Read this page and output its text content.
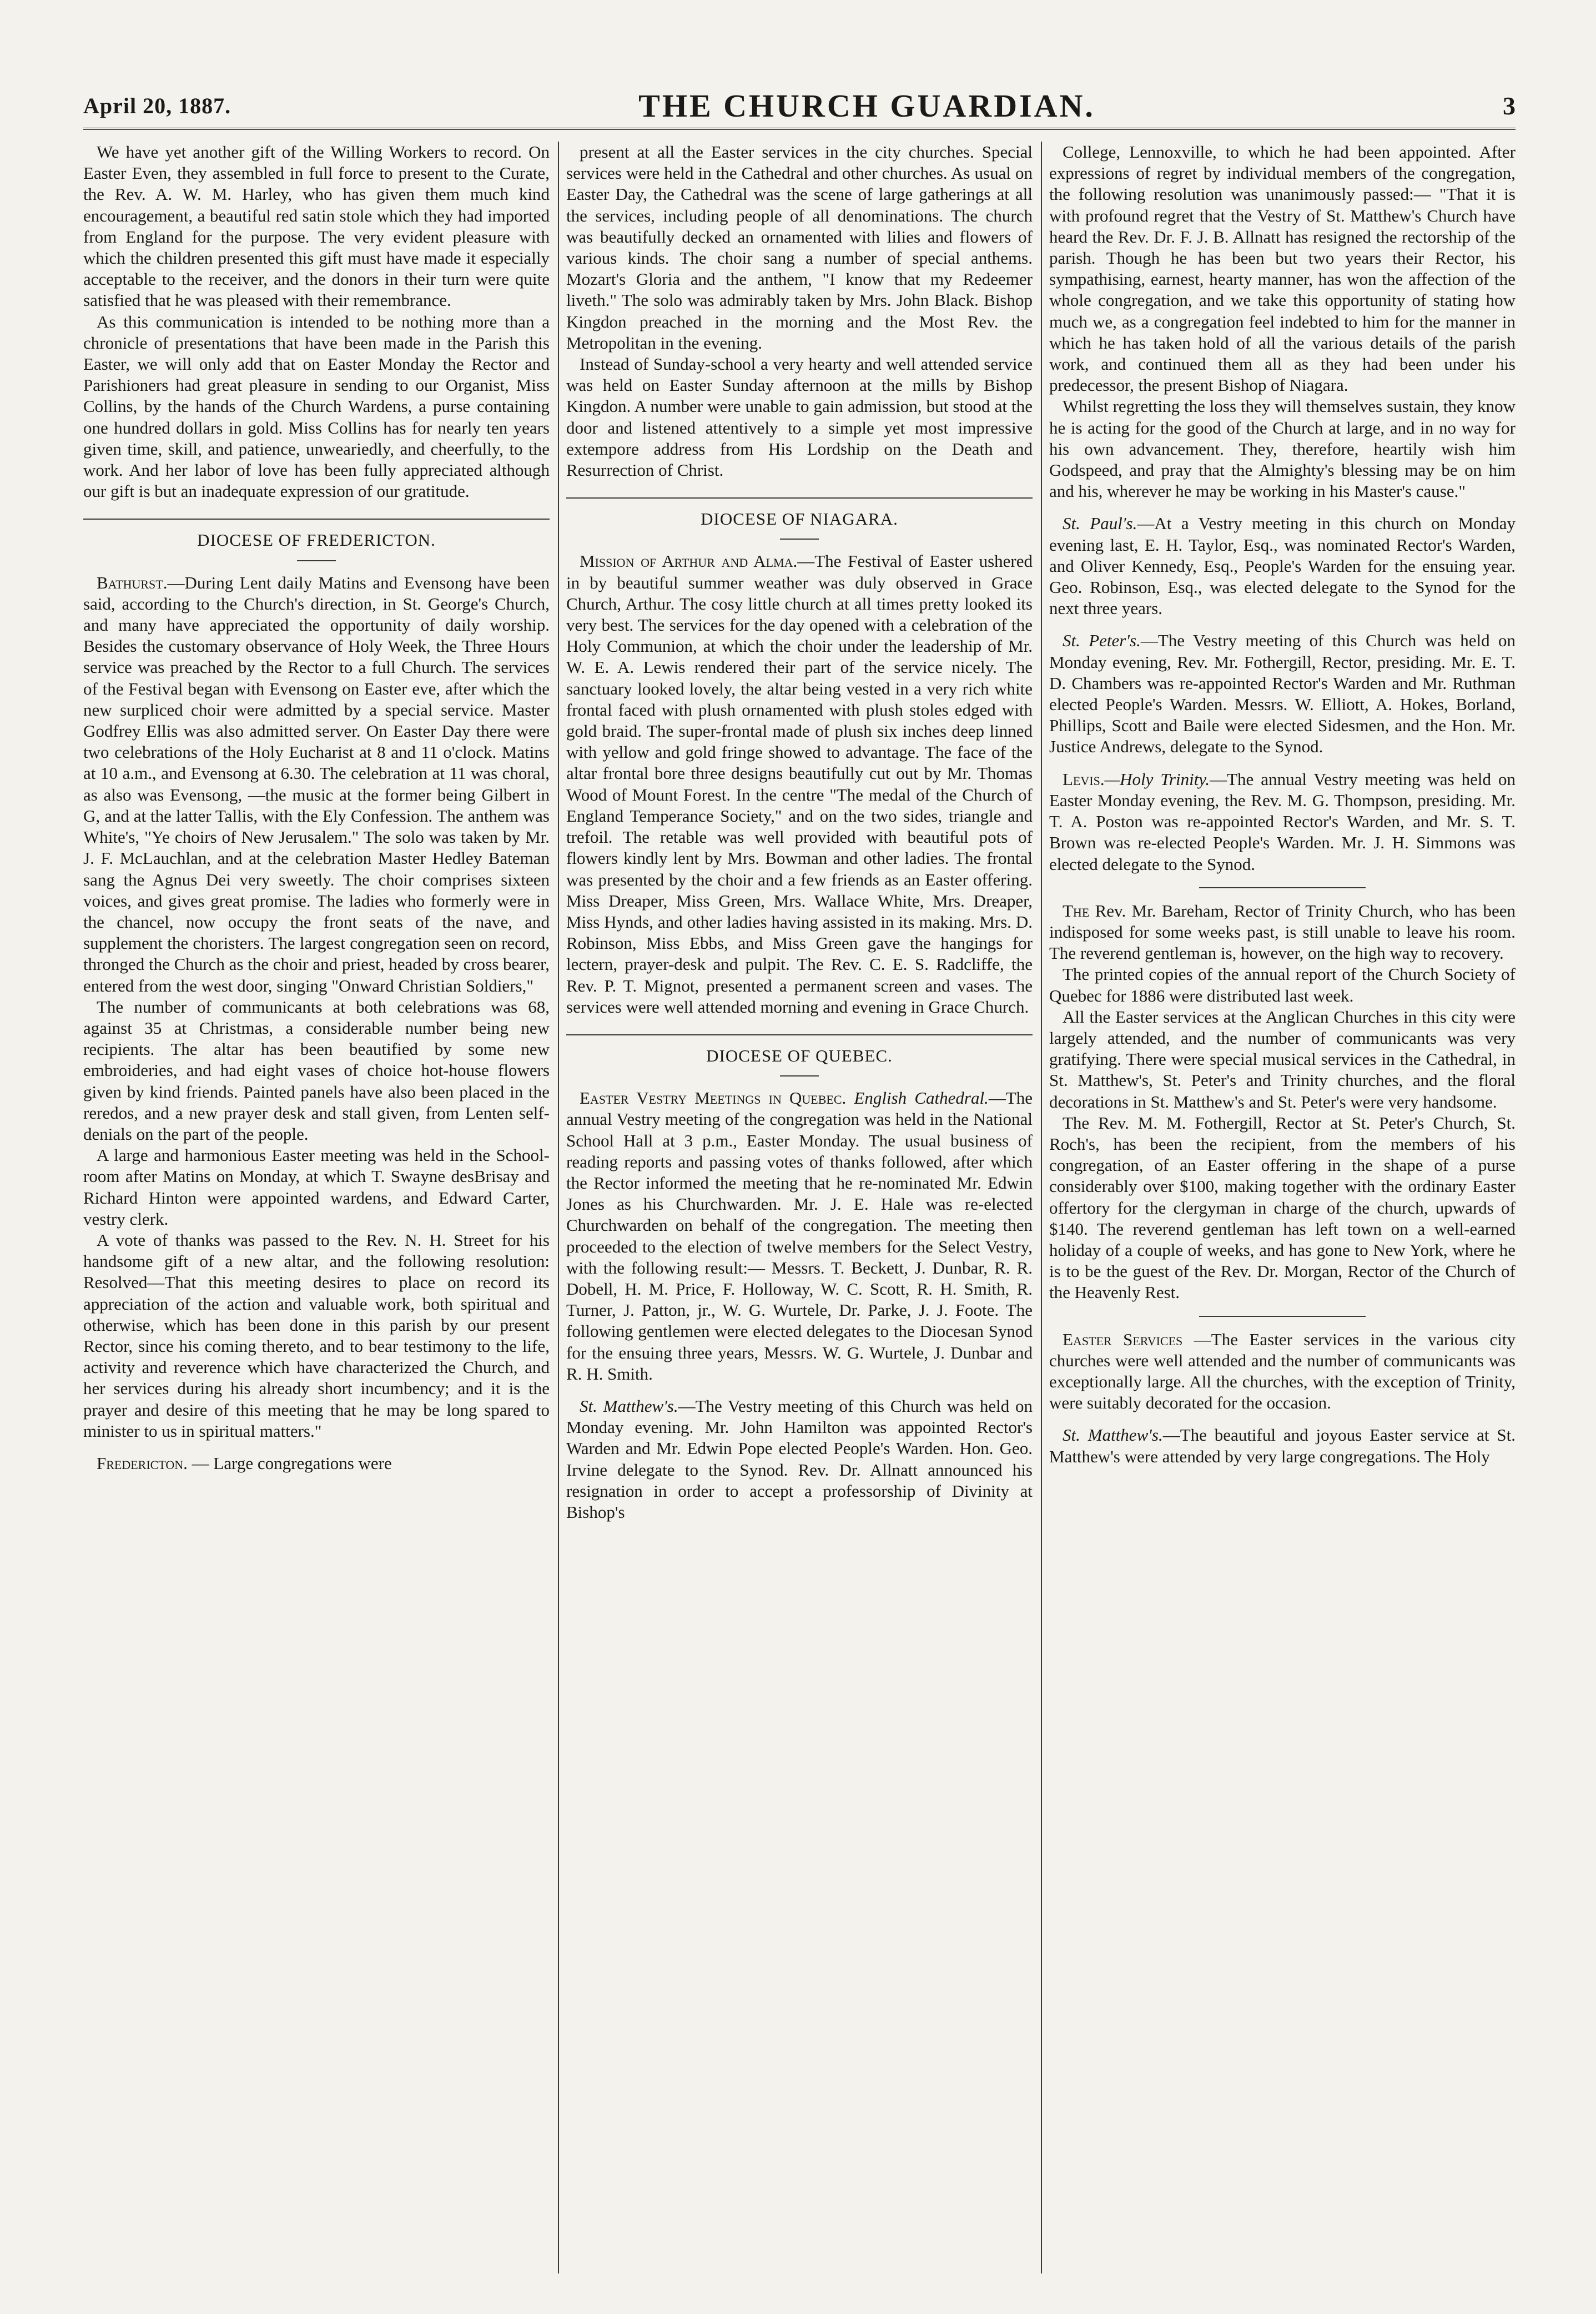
April 20, 1887.	THE CHURCH GUARDIAN.	3

We have yet another gift of the Willing Workers to record. On Easter Even, they assembled in full force to present to the Curate, the Rev. A. W. M. Harley, who has given them much kind encouragement, a beautiful red satin stole which they had imported from England for the purpose. The very evident pleasure with which the children presented this gift must have made it especially acceptable to the receiver, and the donors in their turn were quite satisfied that he was pleased with their remembrance.

As this communication is intended to be nothing more than a chronicle of presentations that have been made in the Parish this Easter, we will only add that on Easter Monday the Rector and Parishioners had great pleasure in sending to our Organist, Miss Collins, by the hands of the Church Wardens, a purse containing one hundred dollars in gold. Miss Collins has for nearly ten years given time, skill, and patience, unweariedly, and cheerfully, to the work. And her labor of love has been fully appreciated although our gift is but an inadequate expression of our gratitude.

DIOCESE OF FREDERICTON.

Bathurst.—During Lent daily Matins and Evensong have been said, according to the Church's direction, in St. George's Church, and many have appreciated the opportunity of daily worship. Besides the customary observance of Holy Week, the Three Hours service was preached by the Rector to a full Church. The services of the Festival began with Evensong on Easter eve, after which the new surpliced choir were admitted by a special service. Master Godfrey Ellis was also admitted server. On Easter Day there were two celebrations of the Holy Eucharist at 8 and 11 o'clock. Matins at 10 a.m., and Evensong at 6.30. The celebration at 11 was choral, as also was Evensong, —the music at the former being Gilbert in G, and at the latter Tallis, with the Ely Confession. The anthem was White's, "Ye choirs of New Jerusalem." The solo was taken by Mr. J. F. McLauchlan, and at the celebration Master Hedley Bateman sang the Agnus Dei very sweetly. The choir comprises sixteen voices, and gives great promise. The ladies who formerly were in the chancel, now occupy the front seats of the nave, and supplement the choristers. The largest congregation seen on record, thronged the Church as the choir and priest, headed by cross bearer, entered from the west door, singing "Onward Christian Soldiers,"

The number of communicants at both celebrations was 68, against 35 at Christmas, a considerable number being new recipients. The altar has been beautified by some new embroideries, and had eight vases of choice hot-house flowers given by kind friends. Painted panels have also been placed in the reredos, and a new prayer desk and stall given, from Lenten self-denials on the part of the people.

A large and harmonious Easter meeting was held in the School-room after Matins on Monday, at which T. Swayne desBrisay and Richard Hinton were appointed wardens, and Edward Carter, vestry clerk.

A vote of thanks was passed to the Rev. N. H. Street for his handsome gift of a new altar, and the following resolution: Resolved—That this meeting desires to place on record its appreciation of the action and valuable work, both spiritual and otherwise, which has been done in this parish by our present Rector, since his coming thereto, and to bear testimony to the life, activity and reverence which have characterized the Church, and her services during his already short incumbency; and it is the prayer and desire of this meeting that he may be long spared to minister to us in spiritual matters."

Fredericton. — Large congregations were

present at all the Easter services in the city churches. Special services were held in the Cathedral and other churches. As usual on Easter Day, the Cathedral was the scene of large gatherings at all the services, including people of all denominations. The church was beautifully decked an ornamented with lilies and flowers of various kinds. The choir sang a number of special anthems. Mozart's Gloria and the anthem, "I know that my Redeemer liveth." The solo was admirably taken by Mrs. John Black. Bishop Kingdon preached in the morning and the Most Rev. the Metropolitan in the evening.

Instead of Sunday-school a very hearty and well attended service was held on Easter Sunday afternoon at the mills by Bishop Kingdon. A number were unable to gain admission, but stood at the door and listened attentively to a simple yet most impressive extempore address from His Lordship on the Death and Resurrection of Christ.

DIOCESE OF NIAGARA.

Mission of Arthur and Alma.—The Festival of Easter ushered in by beautiful summer weather was duly observed in Grace Church, Arthur. The cosy little church at all times pretty looked its very best. The services for the day opened with a celebration of the Holy Communion, at which the choir under the leadership of Mr. W. E. A. Lewis rendered their part of the service nicely. The sanctuary looked lovely, the altar being vested in a very rich white frontal faced with plush ornamented with plush stoles edged with gold braid. The super-frontal made of plush six inches deep linned with yellow and gold fringe showed to advantage. The face of the altar frontal bore three designs beautifully cut out by Mr. Thomas Wood of Mount Forest. In the centre "The medal of the Church of England Temperance Society," and on the two sides, triangle and trefoil. The retable was well provided with beautiful pots of flowers kindly lent by Mrs. Bowman and other ladies. The frontal was presented by the choir and a few friends as an Easter offering. Miss Dreaper, Miss Green, Mrs. Wallace White, Mrs. Dreaper, Miss Hynds, and other ladies having assisted in its making. Mrs. D. Robinson, Miss Ebbs, and Miss Green gave the hangings for lectern, prayer-desk and pulpit. The Rev. C. E. S. Radcliffe, the Rev. P. T. Mignot, presented a permanent screen and vases. The services were well attended morning and evening in Grace Church.

DIOCESE OF QUEBEC.

Easter Vestry Meetings in Quebec. English Cathedral.—The annual Vestry meeting of the congregation was held in the National School Hall at 3 p.m., Easter Monday. The usual business of reading reports and passing votes of thanks followed, after which the Rector informed the meeting that he re-nominated Mr. Edwin Jones as his Churchwarden. Mr. J. E. Hale was re-elected Churchwarden on behalf of the congregation. The meeting then proceeded to the election of twelve members for the Select Vestry, with the following result:— Messrs. T. Beckett, J. Dunbar, R. R. Dobell, H. M. Price, F. Holloway, W. C. Scott, R. H. Smith, R. Turner, J. Patton, jr., W. G. Wurtele, Dr. Parke, J. J. Foote. The following gentlemen were elected delegates to the Diocesan Synod for the ensuing three years, Messrs. W. G. Wurtele, J. Dunbar and R. H. Smith.

St. Matthew's.—The Vestry meeting of this Church was held on Monday evening. Mr. John Hamilton was appointed Rector's Warden and Mr. Edwin Pope elected People's Warden. Hon. Geo. Irvine delegate to the Synod. Rev. Dr. Allnatt announced his resignation in order to accept a professorship of Divinity at Bishop's

College, Lennoxville, to which he had been appointed. After expressions of regret by individual members of the congregation, the following resolution was unanimously passed:— "That it is with profound regret that the Vestry of St. Matthew's Church have heard the Rev. Dr. F. J. B. Allnatt has resigned the rectorship of the parish. Though he has been but two years their Rector, his sympathising, earnest, hearty manner, has won the affection of the whole congregation, and we take this opportunity of stating how much we, as a congregation feel indebted to him for the manner in which he has taken hold of all the various details of the parish work, and continued them all as they had been under his predecessor, the present Bishop of Niagara.

Whilst regretting the loss they will themselves sustain, they know he is acting for the good of the Church at large, and in no way for his own advancement. They, therefore, heartily wish him Godspeed, and pray that the Almighty's blessing may be on him and his, wherever he may be working in his Master's cause."

St. Paul's.—At a Vestry meeting in this church on Monday evening last, E. H. Taylor, Esq., was nominated Rector's Warden, and Oliver Kennedy, Esq., People's Warden for the ensuing year. Geo. Robinson, Esq., was elected delegate to the Synod for the next three years.

St. Peter's.—The Vestry meeting of this Church was held on Monday evening, Rev. Mr. Fothergill, Rector, presiding. Mr. E. T. D. Chambers was re-appointed Rector's Warden and Mr. Ruthman elected People's Warden. Messrs. W. Elliott, A. Hokes, Borland, Phillips, Scott and Baile were elected Sidesmen, and the Hon. Mr. Justice Andrews, delegate to the Synod.

Levis.—Holy Trinity.—The annual Vestry meeting was held on Easter Monday evening, the Rev. M. G. Thompson, presiding. Mr. T. A. Poston was re-appointed Rector's Warden, and Mr. S. T. Brown was re-elected People's Warden. Mr. J. H. Simmons was elected delegate to the Synod.

The Rev. Mr. Bareham, Rector of Trinity Church, who has been indisposed for some weeks past, is still unable to leave his room. The reverend gentleman is, however, on the high way to recovery.

The printed copies of the annual report of the Church Society of Quebec for 1886 were distributed last week.

All the Easter services at the Anglican Churches in this city were largely attended, and the number of communicants was very gratifying. There were special musical services in the Cathedral, in St. Matthew's, St. Peter's and Trinity churches, and the floral decorations in St. Matthew's and St. Peter's were very handsome.

The Rev. M. M. Fothergill, Rector at St. Peter's Church, St. Roch's, has been the recipient, from the members of his congregation, of an Easter offering in the shape of a purse considerably over $100, making together with the ordinary Easter offertory for the clergyman in charge of the church, upwards of $140. The reverend gentleman has left town on a well-earned holiday of a couple of weeks, and has gone to New York, where he is to be the guest of the Rev. Dr. Morgan, Rector of the Church of the Heavenly Rest.

Easter Services —The Easter services in the various city churches were well attended and the number of communicants was exceptionally large. All the churches, with the exception of Trinity, were suitably decorated for the occasion.

St. Matthew's.—The beautiful and joyous Easter service at St. Matthew's were attended by very large congregations. The Holy
